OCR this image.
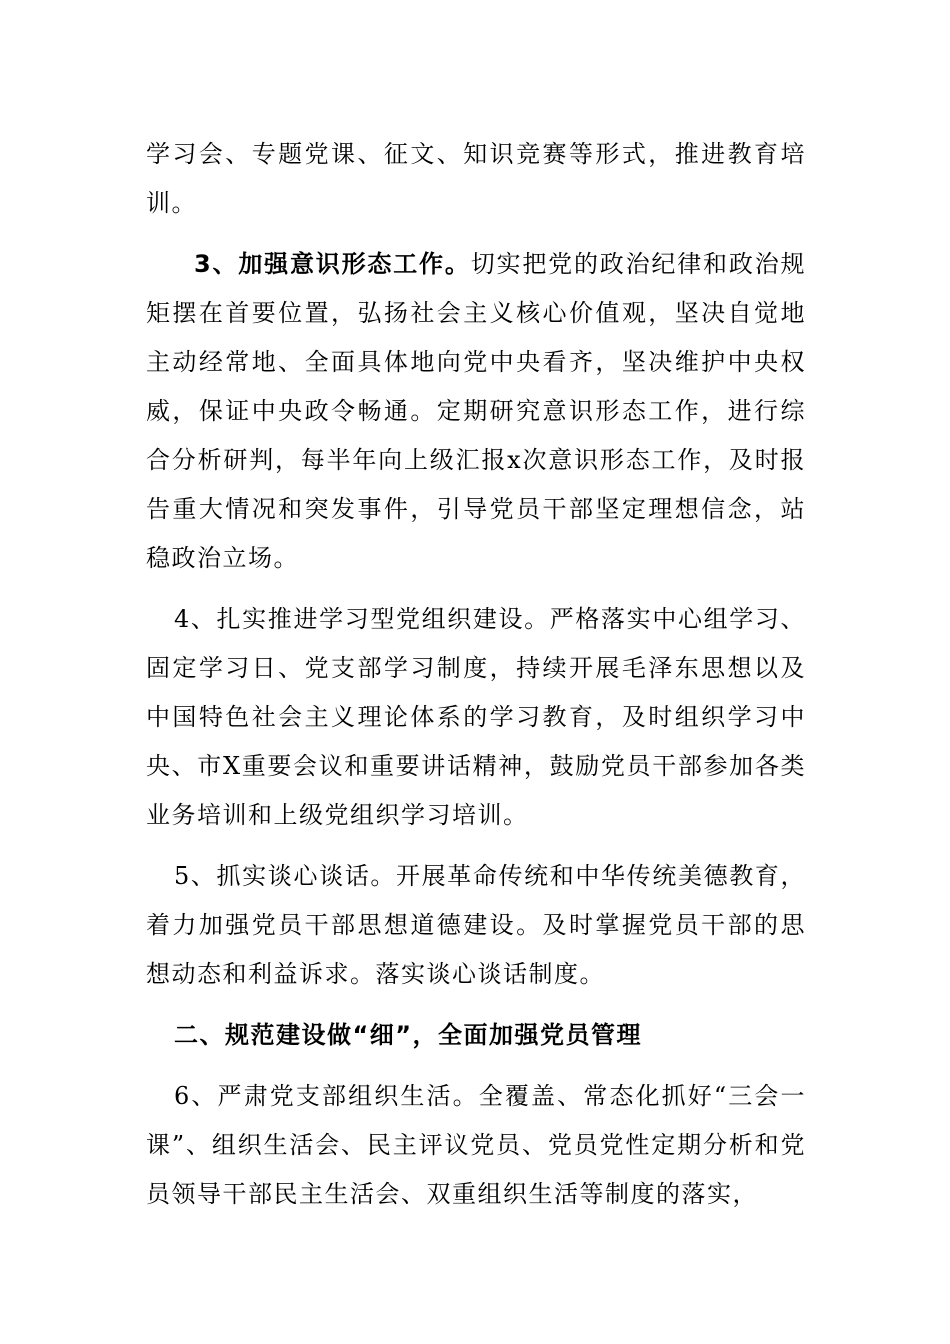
学习会、专题党课、征文、知识竞赛等形式，推进教育培训。

3、加强意识形态工作。切实把党的政治纪律和政治规矩摆在首要位置，弘扬社会主义核心价值观，坚决自觉地主动经常地、全面具体地向党中央看齐，坚决维护中央权威，保证中央政令畅通。定期研究意识形态工作，进行综合分析研判，每半年向上级汇报x次意识形态工作，及时报告重大情况和突发事件，引导党员干部坚定理想信念，站稳政治立场。

4、扎实推进学习型党组织建设。严格落实中心组学习、固定学习日、党支部学习制度，持续开展毛泽东思想以及中国特色社会主义理论体系的学习教育，及时组织学习中央、市X重要会议和重要讲话精神，鼓励党员干部参加各类业务培训和上级党组织学习培训。

5、抓实谈心谈话。开展革命传统和中华传统美德教育，着力加强党员干部思想道德建设。及时掌握党员干部的思想动态和利益诉求。落实谈心谈话制度。

二、规范建设做“细”，全面加强党员管理

6、严肃党支部组织生活。全覆盖、常态化抓好“三会一课”、组织生活会、民主评议党员、党员党性定期分析和党员领导干部民主生活会、双重组织生活等制度的落实，
